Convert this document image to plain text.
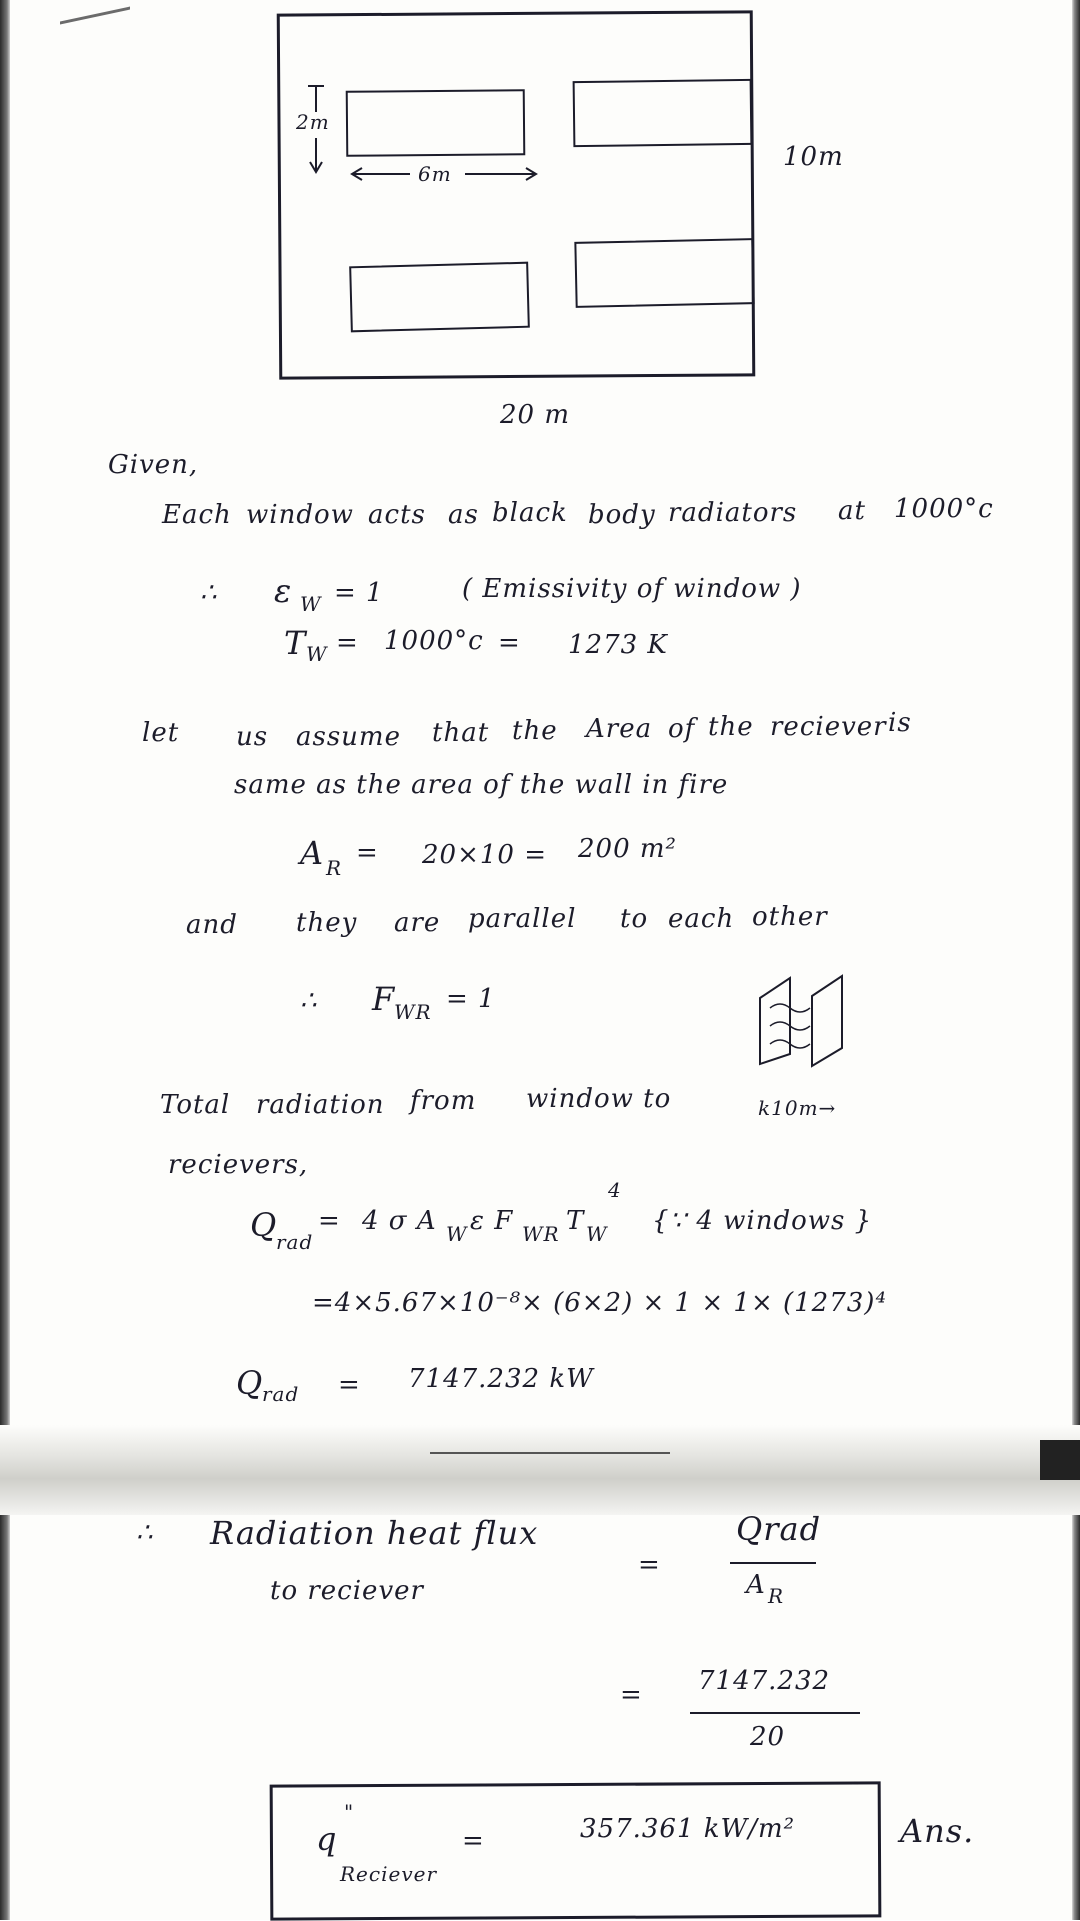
2m
6m
10m
20 m
Given,
Each window acts as black body radiators at 1000°c
∴ ε W = 1	( Emissivity of window )
T W = 1000°c = 1273 K
let us assume that the Area of the reciever is
same as the area of the wall in fire
A R = 20×10 = 200 m²
and they are parallel to each other
∴ F
WR = 1
k10m→
Total radiation from window to
recievers,
Q
rad
= 4 σ A W ε F WR T W
4
{∵ 4 windows }
=4×5.67×10⁻⁸× (6×2) × 1 × 1× (1273)⁴
Q
rad = 7147.232 kW
∴ Radiation heat flux
to reciever
=
Qrad
A R
= 7147.232
20
q
"
Reciever
=	357.361 kW/m²	Ans.
